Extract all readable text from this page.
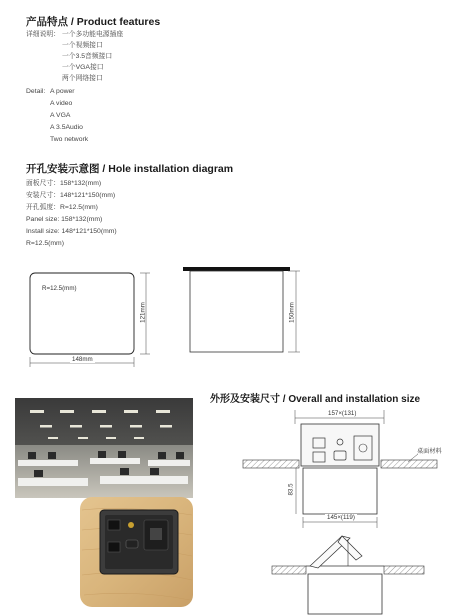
产品特点 / Product features
详细说明： 一个多功能电源插座
一个视频接口
一个3.5音频接口
一个VGA接口
两个网络接口
Detail: A power
A video
A VGA
A 3.5Audio
Two network
开孔安装示意图 / Hole installation diagram
面板尺寸：158*132(mm)
安装尺寸：148*121*150(mm)
开孔弧度：R=12.5(mm)
Panel size: 158*132(mm)
Install size: 148*121*150(mm)
R=12.5(mm)
R=12.5(mm)
121mm
148mm
150mm
外形及安装尺寸 / Overall and installation size
157×(131)
83.5
145×(119)
桌面材料
